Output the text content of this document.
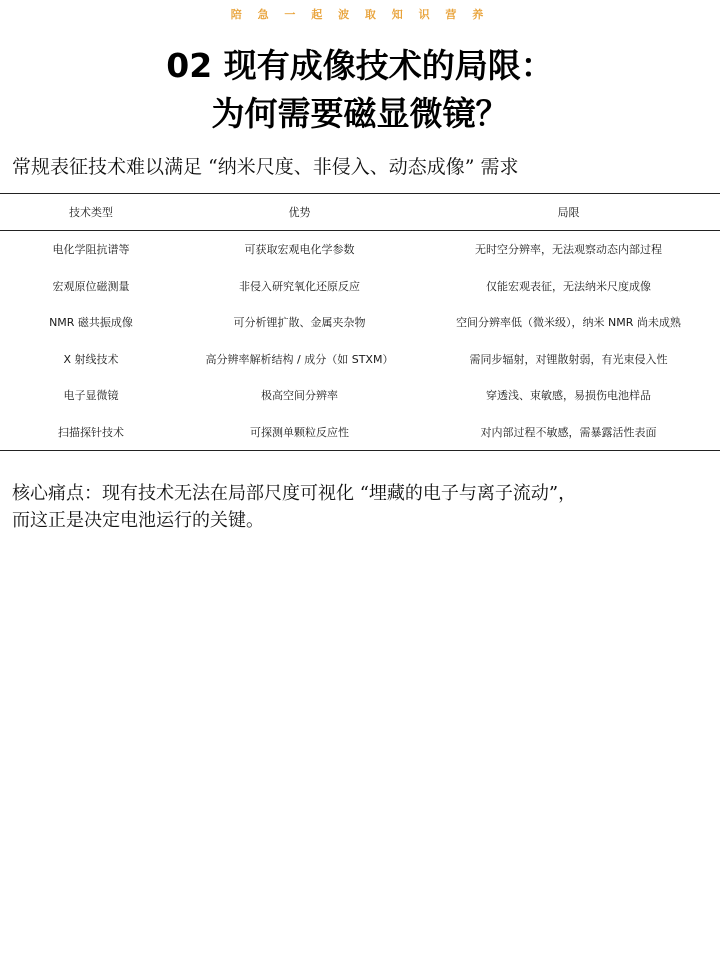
陪 急 一 起 波 取 知 识 营 养
02 现有成像技术的局限：
为何需要磁显微镜？
常规表征技术难以满足 “纳米尺度、非侵入、动态成像” 需求
技术类型	优势	局限
电化学阻抗谱等	可获取宏观电化学参数	无时空分辨率，无法观察动态内部过程
宏观原位磁测量	非侵入研究氧化还原反应	仅能宏观表征，无法纳米尺度成像
NMR 磁共振成像	可分析锂扩散、金属夹杂物	空间分辨率低（微米级），纳米 NMR 尚未成熟
X 射线技术	高分辨率解析结构 / 成分（如 STXM）	需同步辐射，对锂散射弱，有光束侵入性
电子显微镜	极高空间分辨率	穿透浅、束敏感，易损伤电池样品
扫描探针技术	可探测单颗粒反应性	对内部过程不敏感，需暴露活性表面
核心痛点：现有技术无法在局部尺度可视化 “埋藏的电子与离子流动”，
而这正是决定电池运行的关键。
